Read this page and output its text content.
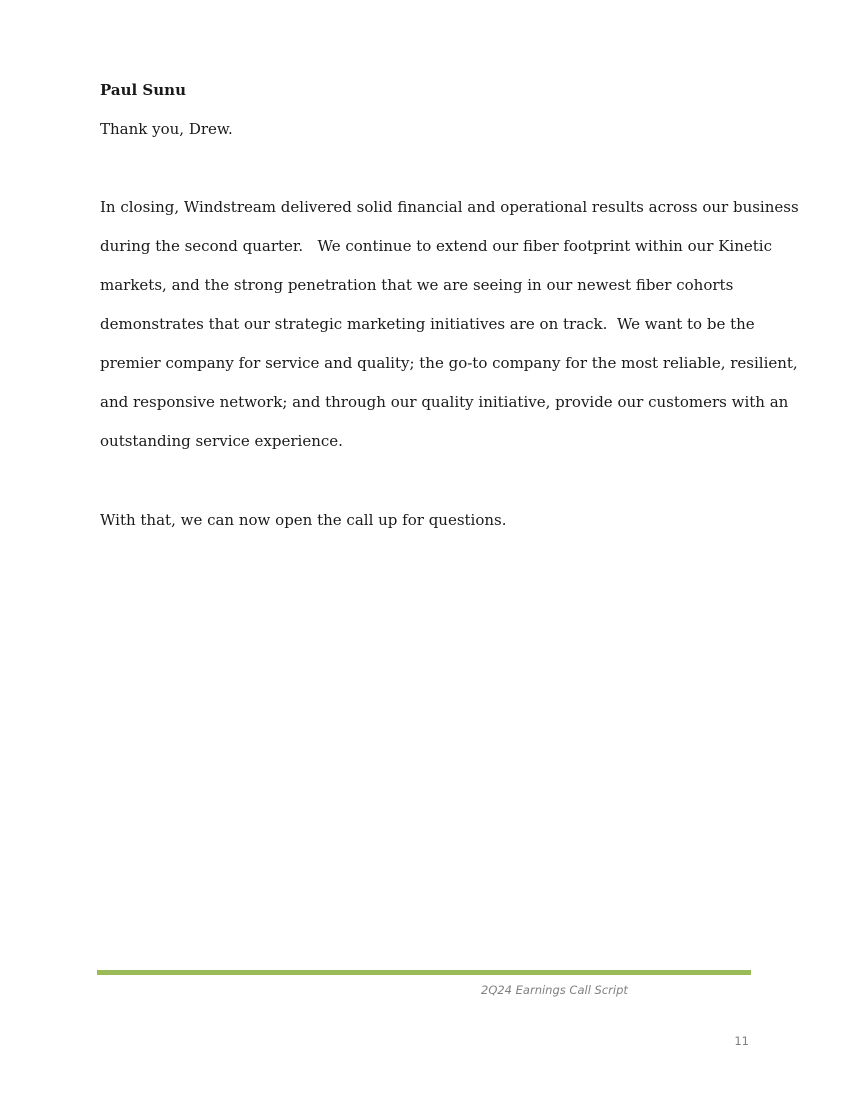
Paul Sunu

Thank you, Drew.

In closing, Windstream delivered solid financial and operational results across our business

during the second quarter.   We continue to extend our fiber footprint within our Kinetic

markets, and the strong penetration that we are seeing in our newest fiber cohorts

demonstrates that our strategic marketing initiatives are on track.  We want to be the

premier company for service and quality; the go-to company for the most reliable, resilient,

and responsive network; and through our quality initiative, provide our customers with an

outstanding service experience.

With that, we can now open the call up for questions.

2Q24 Earnings Call Script

11
